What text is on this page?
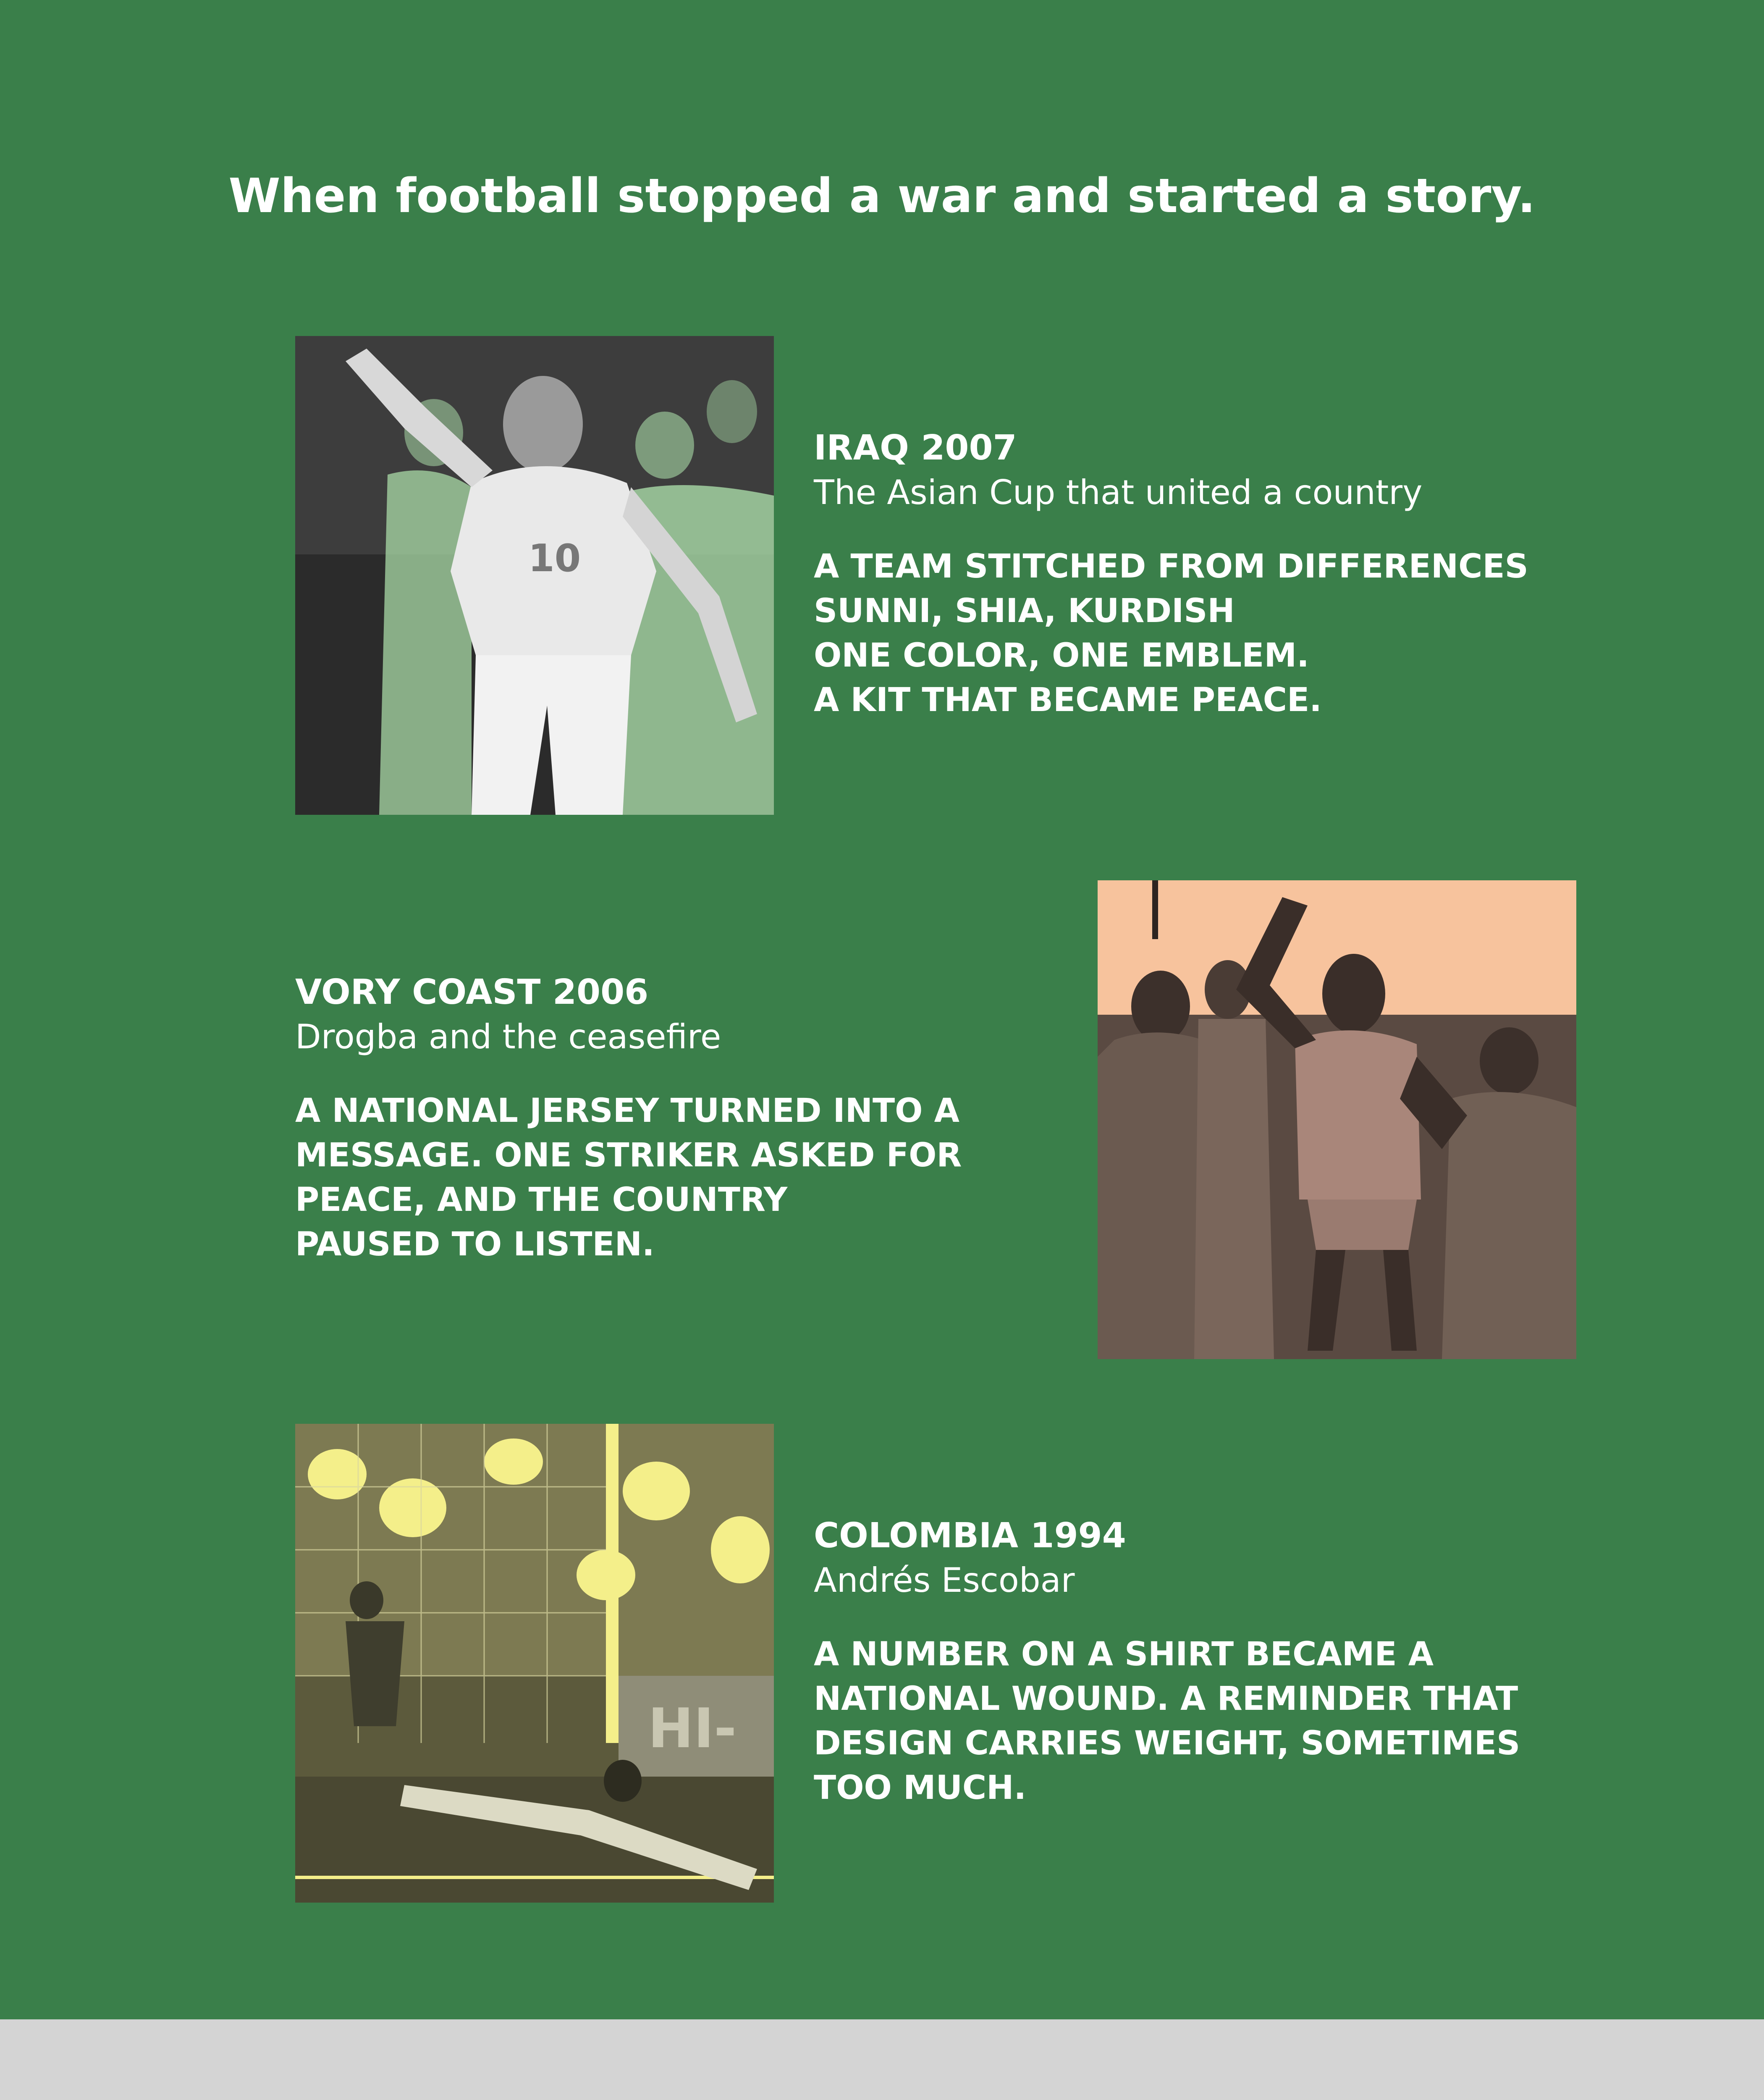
When football stopped a war and started a story.
10

IRAQ 2007

The Asian Cup that united a country

A TEAM STITCHED FROM DIFFERENCES
SUNNI, SHIA, KURDISH
ONE COLOR, ONE EMBLEM.
A KIT THAT BECAME PEACE.

VORY COAST 2006

Drogba and the ceasefire

A NATIONAL JERSEY TURNED INTO A
MESSAGE. ONE STRIKER ASKED FOR
PEACE, AND THE COUNTRY
PAUSED TO LISTEN.

HI-

COLOMBIA 1994

Andrés Escobar

A NUMBER ON A SHIRT BECAME A
NATIONAL WOUND. A REMINDER THAT
DESIGN CARRIES WEIGHT, SOMETIMES
TOO MUCH.
